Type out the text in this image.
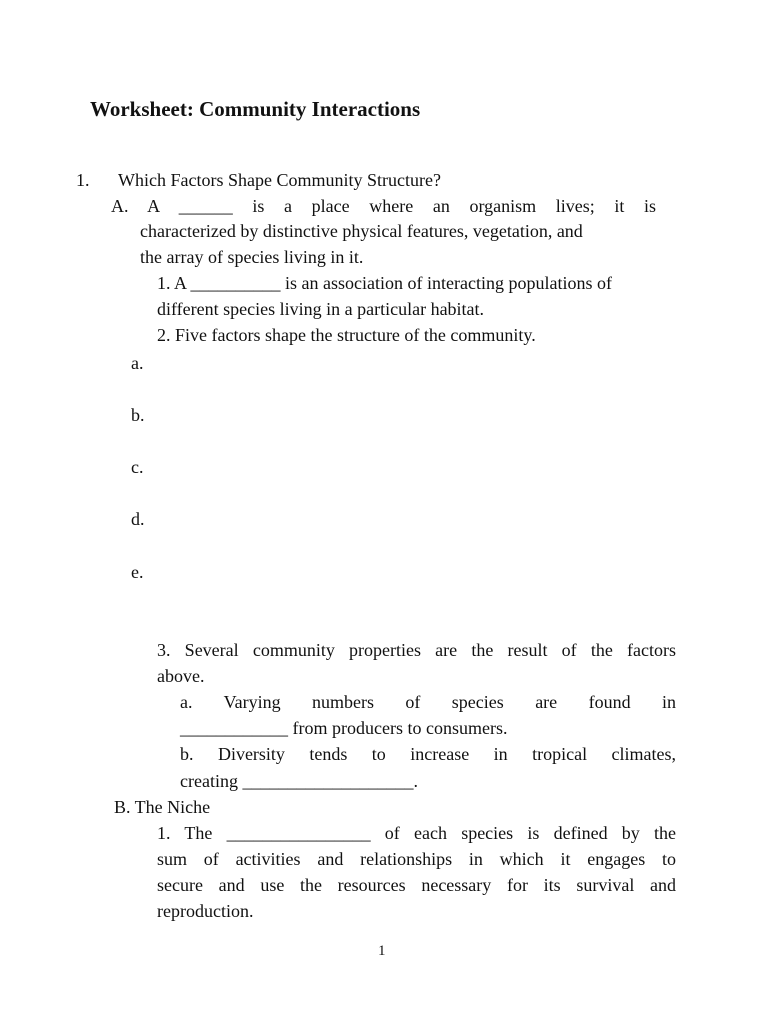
Worksheet: Community Interactions

1. Which Factors Shape Community Structure?

A. A ______ is a place where an organism lives; it is

characterized by distinctive physical features, vegetation, and

the array of species living in it.

1. A __________ is an association of interacting populations of

different species living in a particular habitat.

2. Five factors shape the structure of the community.

a.

b.

c.

d.

e.

3. Several community properties are the result of the factors

above.

a. Varying numbers of species are found in

____________ from producers to consumers.

b. Diversity tends to increase in tropical climates,

creating ___________________.

B. The Niche

1. The ________________ of each species is defined by the

sum of activities and relationships in which it engages to

secure and use the resources necessary for its survival and

reproduction.

1
